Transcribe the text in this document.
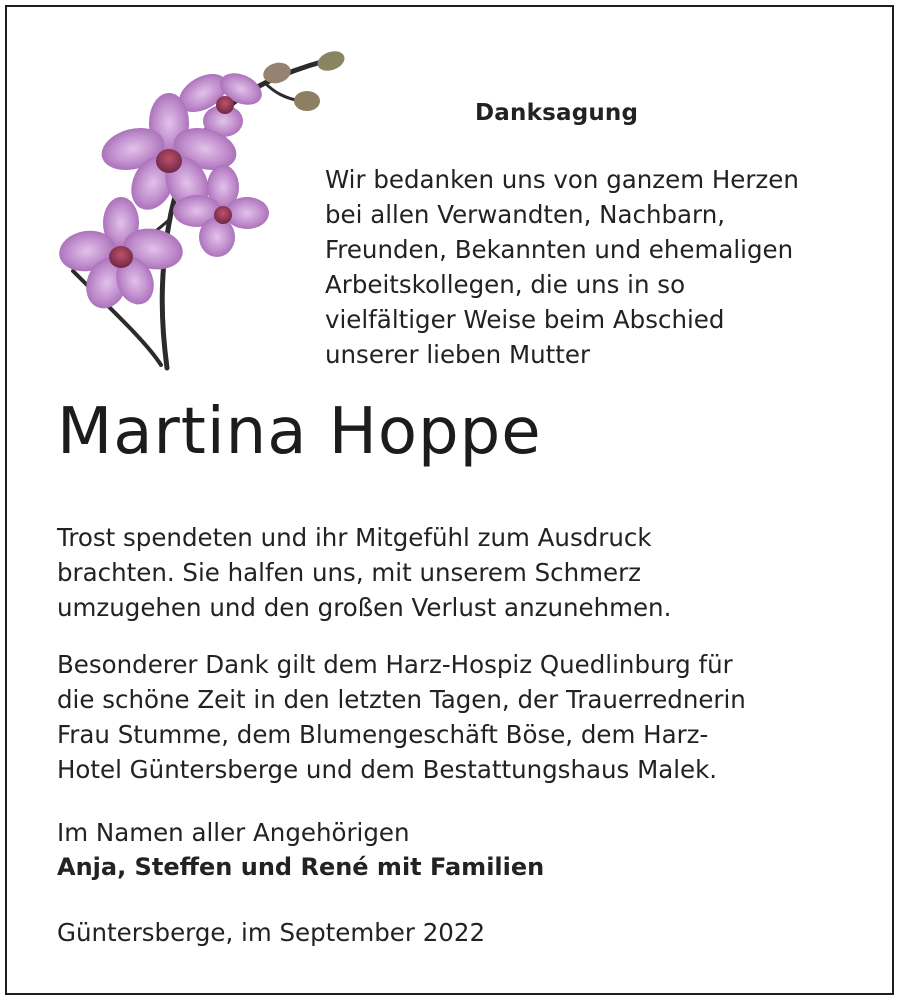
Danksagung

Wir bedanken uns von ganzem Herzen
bei allen Verwandten, Nachbarn,
Freunden, Bekannten und ehemaligen
Arbeitskollegen, die uns in so
vielfältiger Weise beim Abschied
unserer lieben Mutter

Martina Hoppe

Trost spendeten und ihr Mitgefühl zum Ausdruck
brachten. Sie halfen uns, mit unserem Schmerz
umzugehen und den großen Verlust anzunehmen.

Besonderer Dank gilt dem Harz-Hospiz Quedlinburg für
die schöne Zeit in den letzten Tagen, der Trauerrednerin
Frau Stumme, dem Blumengeschäft Böse, dem Harz-
Hotel Güntersberge und dem Bestattungshaus Malek.

Im Namen aller Angehörigen

Anja, Steffen und René mit Familien

Güntersberge, im September 2022
